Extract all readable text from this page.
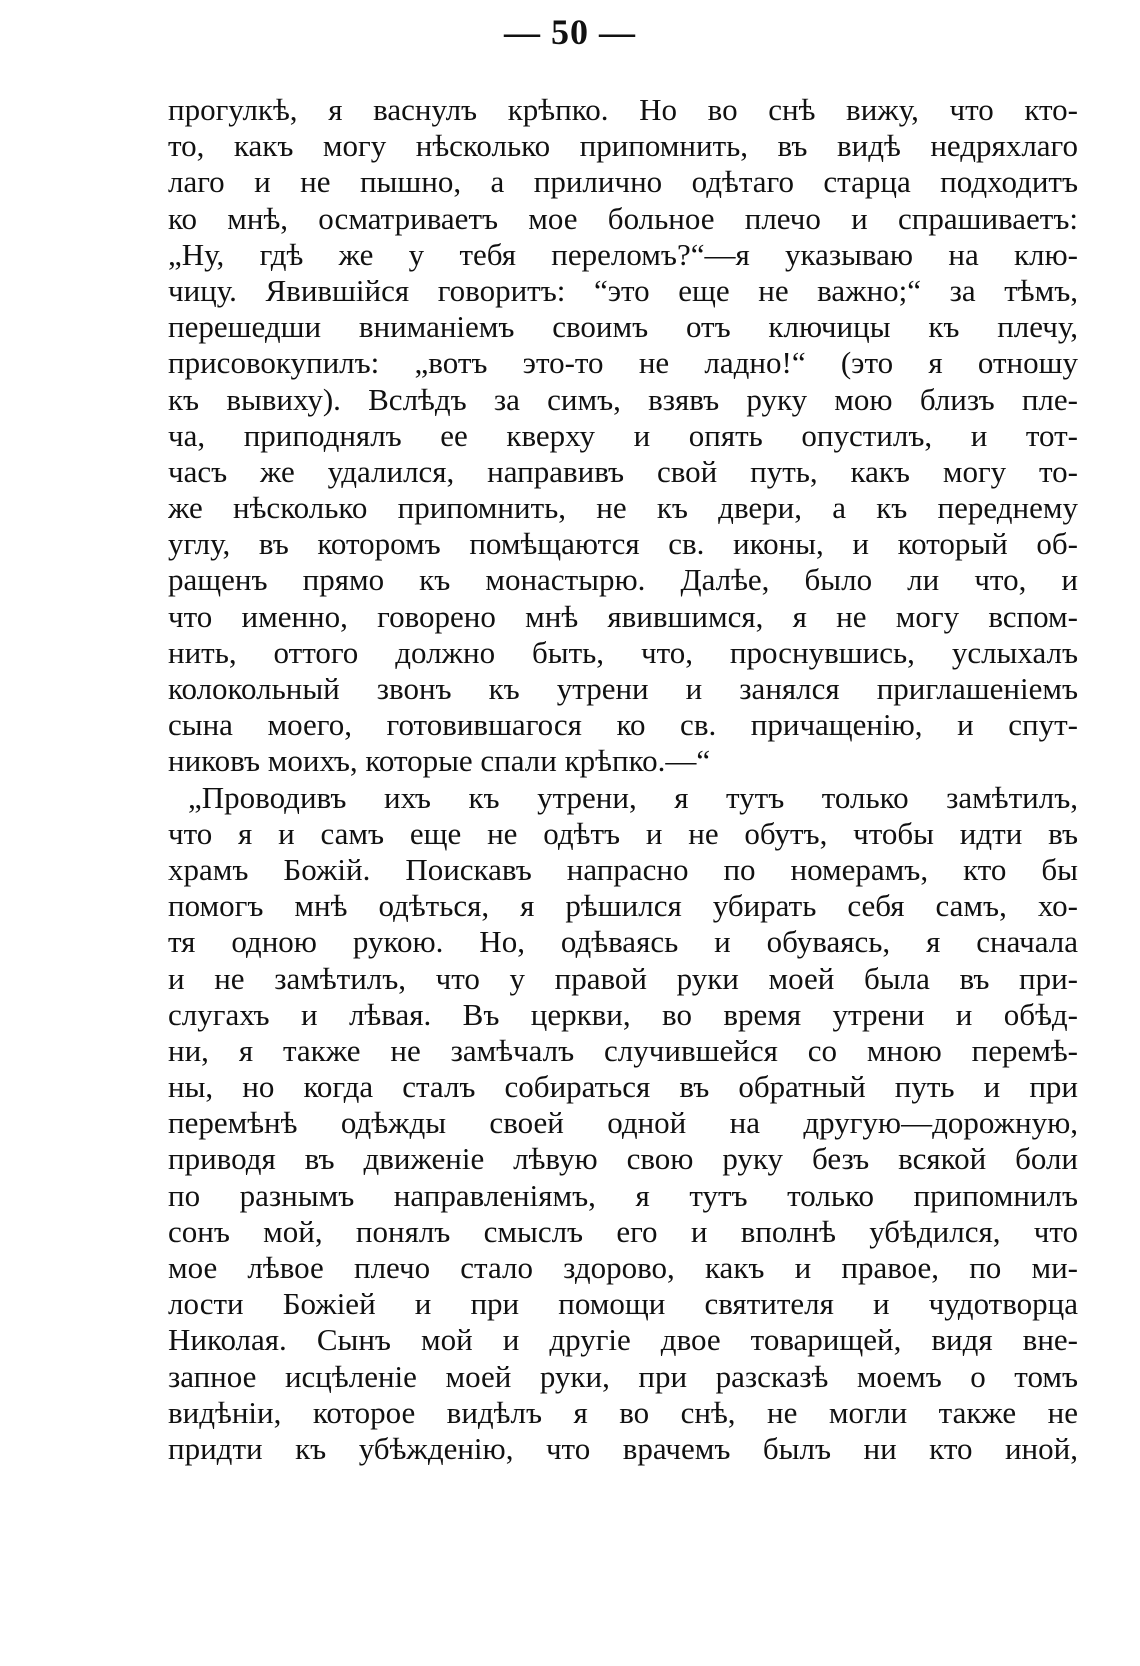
— 50 —
прогулкѣ, я васнулъ крѣпко. Но во снѣ вижу, что кто-
то, какъ могу нѣсколько припомнить, въ видѣ недряхлаго
лаго и не пышно, а прилично одѣтаго старца подходитъ
ко мнѣ, осматриваетъ мое больное плечо и спрашиваетъ:
„Ну, гдѣ же у тебя переломъ?“—я указываю на клю-
чицу. Явившійся говоритъ: “это еще не важно;“ за тѣмъ,
перешедши вниманіемъ своимъ отъ ключицы къ плечу,
присовокупилъ: „вотъ это-то не ладно!“ (это я отношу
къ вывиху). Вслѣдъ за симъ, взявъ руку мою близъ пле-
ча, приподнялъ ее кверху и опять опустилъ, и тот-
часъ же удалился, направивъ свой путь, какъ могу то-
же нѣсколько припомнить, не къ двери, а къ переднему
углу, въ которомъ помѣщаются св. иконы, и который об-
ращенъ прямо къ монастырю. Далѣе, было ли что, и
что именно, говорено мнѣ явившимся, я не могу вспом-
нить, оттого должно быть, что, проснувшись, услыхалъ
колокольный звонъ къ утрени и занялся приглашеніемъ
сына моего, готовившагося ко св. причащенію, и спут-
никовъ моихъ, которые спали крѣпко.—“
„Проводивъ ихъ къ утрени, я тутъ только замѣтилъ,
что я и самъ еще не одѣтъ и не обутъ, чтобы идти въ
храмъ Божій. Поискавъ напрасно по номерамъ, кто бы
помогъ мнѣ одѣться, я рѣшился убирать себя самъ, хо-
тя одною рукою. Но, одѣваясь и обуваясь, я сначала
и не замѣтилъ, что у правой руки моей была въ при-
слугахъ и лѣвая. Въ церкви, во время утрени и обѣд-
ни, я также не замѣчалъ случившейся со мною перемѣ-
ны, но когда сталъ собираться въ обратный путь и при
перемѣнѣ одѣжды своей одной на другую—дорожную,
приводя въ движеніе лѣвую свою руку безъ всякой боли
по разнымъ направленіямъ, я тутъ только припомнилъ
сонъ мой, понялъ смыслъ его и вполнѣ убѣдился, что
мое лѣвое плечо стало здорово, какъ и правое, по ми-
лости Божіей и при помощи святителя и чудотворца
Николая. Сынъ мой и другіе двое товарищей, видя вне-
запное исцѣленіе моей руки, при разсказѣ моемъ о томъ
видѣніи, которое видѣлъ я во снѣ, не могли также не
придти къ убѣжденію, что врачемъ былъ ни кто иной,
